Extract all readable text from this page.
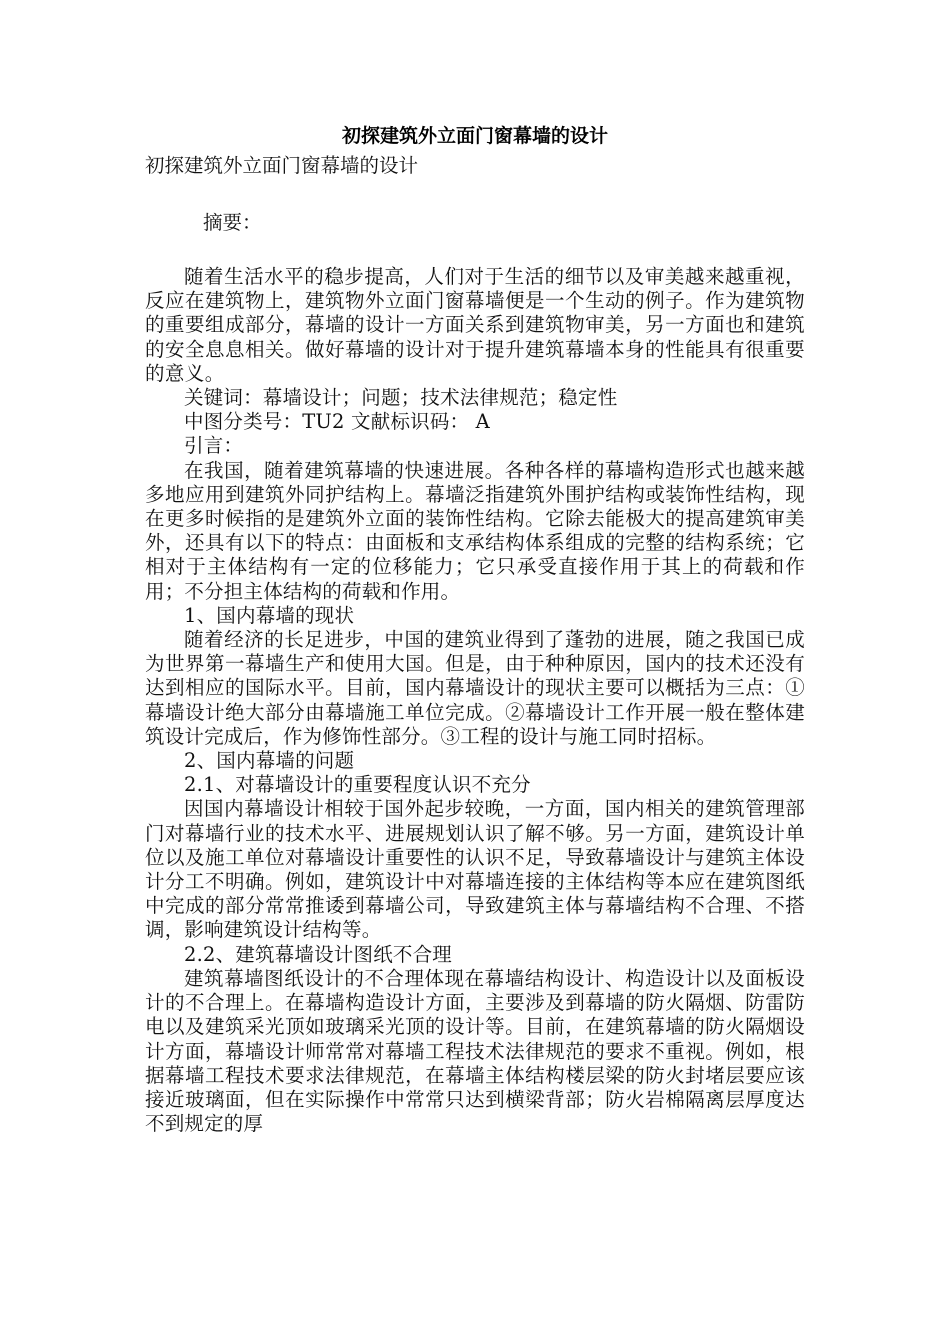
初探建筑外立面门窗幕墙的设计

初探建筑外立面门窗幕墙的设计

摘要：

随着生活水平的稳步提高，人们对于生活的细节以及审美越来越重视，反应在建筑物上，建筑物外立面门窗幕墙便是一个生动的例子。作为建筑物的重要组成部分，幕墙的设计一方面关系到建筑物审美，另一方面也和建筑的安全息息相关。做好幕墙的设计对于提升建筑幕墙本身的性能具有很重要的意义。

关键词：幕墙设计；问题；技术法律规范；稳定性

中图分类号：TU2 文献标识码： A

引言：

在我国，随着建筑幕墙的快速进展。各种各样的幕墙构造形式也越来越多地应用到建筑外同护结构上。幕墙泛指建筑外围护结构或装饰性结构，现在更多时候指的是建筑外立面的装饰性结构。它除去能极大的提高建筑审美外，还具有以下的特点：由面板和支承结构体系组成的完整的结构系统；它相对于主体结构有一定的位移能力；它只承受直接作用于其上的荷载和作用；不分担主体结构的荷载和作用。

1、国内幕墙的现状

随着经济的长足进步，中国的建筑业得到了蓬勃的进展，随之我国已成为世界第一幕墙生产和使用大国。但是，由于种种原因，国内的技术还没有达到相应的国际水平。目前，国内幕墙设计的现状主要可以概括为三点：①幕墙设计绝大部分由幕墙施工单位完成。②幕墙设计工作开展一般在整体建筑设计完成后，作为修饰性部分。③工程的设计与施工同时招标。

2、国内幕墙的问题

2.1、对幕墙设计的重要程度认识不充分

因国内幕墙设计相较于国外起步较晚，一方面，国内相关的建筑管理部门对幕墙行业的技术水平、进展规划认识了解不够。另一方面，建筑设计单位以及施工单位对幕墙设计重要性的认识不足，导致幕墙设计与建筑主体设计分工不明确。例如，建筑设计中对幕墙连接的主体结构等本应在建筑图纸中完成的部分常常推诿到幕墙公司，导致建筑主体与幕墙结构不合理、不搭调，影响建筑设计结构等。

2.2、建筑幕墙设计图纸不合理

建筑幕墙图纸设计的不合理体现在幕墙结构设计、构造设计以及面板设计的不合理上。在幕墙构造设计方面，主要涉及到幕墙的防火隔烟、防雷防电以及建筑采光顶如玻璃采光顶的设计等。目前，在建筑幕墙的防火隔烟设计方面，幕墙设计师常常对幕墙工程技术法律规范的要求不重视。例如，根据幕墙工程技术要求法律规范，在幕墙主体结构楼层梁的防火封堵层要应该接近玻璃面，但在实际操作中常常只达到横梁背部；防火岩棉隔离层厚度达不到规定的厚
